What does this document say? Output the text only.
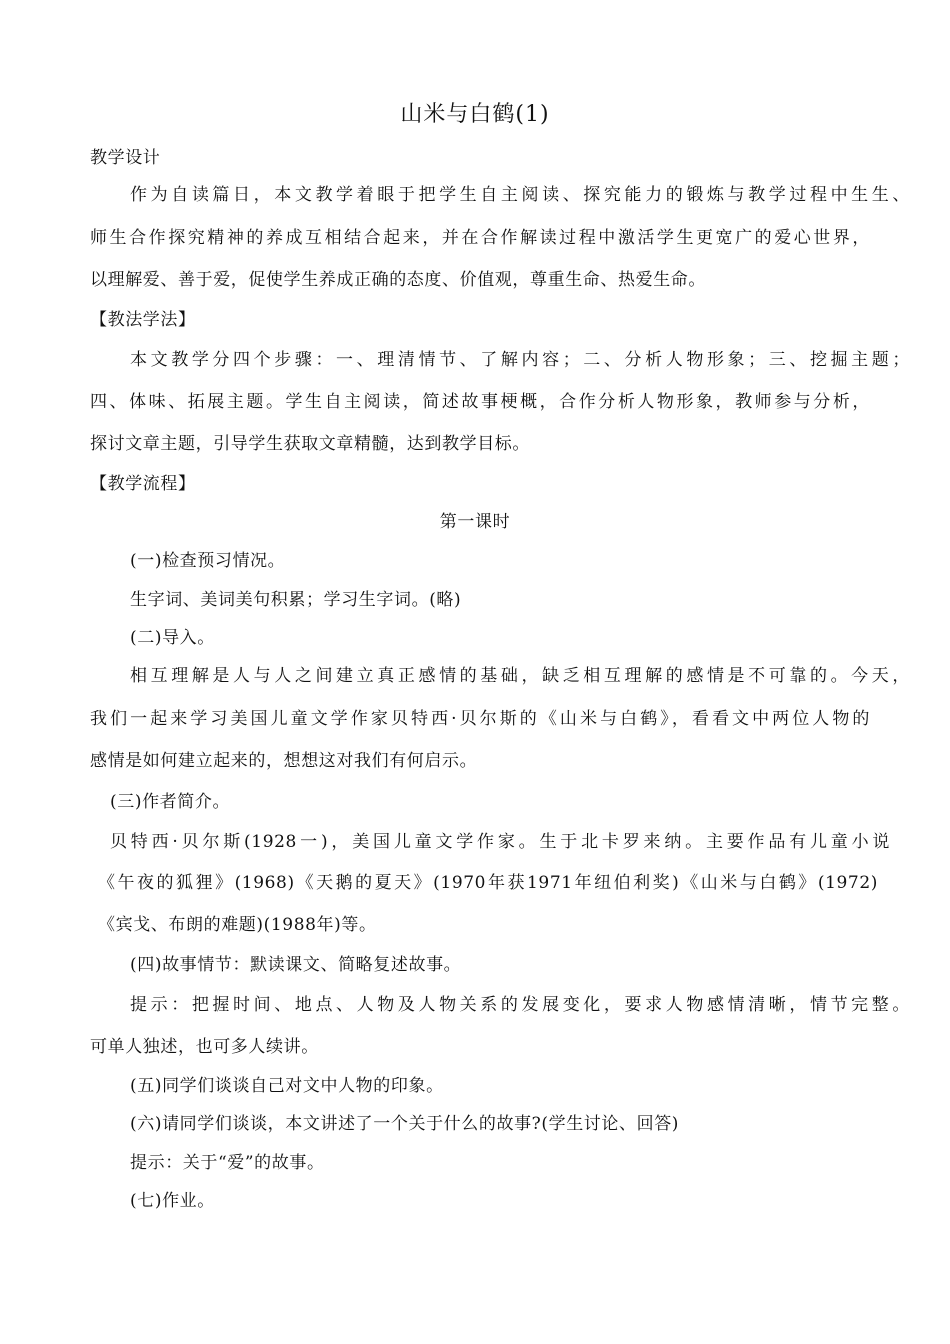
山米与白鹤(1)
教学设计
作为自读篇日，本文教学着眼于把学生自主阅读、探究能力的锻炼与教学过程中生生、
师生合作探究精神的养成互相结合起来，并在合作解读过程中激活学生更宽广的爱心世界，
以理解爱、善于爱，促使学生养成正确的态度、价值观，尊重生命、热爱生命。
【教法学法】
本文教学分四个步骤：一、理清情节、了解内容；二、分析人物形象；三、挖掘主题；
四、体味、拓展主题。学生自主阅读，简述故事梗概，合作分析人物形象，教师参与分析，
探讨文章主题，引导学生获取文章精髓，达到教学目标。
【教学流程】
第一课时
(一)检查预习情况。
生字词、美词美句积累；学习生字词。(略)
(二)导入。
相互理解是人与人之间建立真正感情的基础，缺乏相互理解的感情是不可靠的。今天，
我们一起来学习美国儿童文学作家贝特西·贝尔斯的《山米与白鹤》，看看文中两位人物的
感情是如何建立起来的，想想这对我们有何启示。
(三)作者简介。
贝特西·贝尔斯(1928一)，美国儿童文学作家。生于北卡罗来纳。主要作品有儿童小说
《午夜的狐狸》(1968)《天鹅的夏天》(1970年获1971年纽伯利奖)《山米与白鹤》(1972)
《宾戈、布朗的难题)(1988年)等。
(四)故事情节：默读课文、简略复述故事。
提示：把握时间、地点、人物及人物关系的发展变化，要求人物感情清晰，情节完整。
可单人独述，也可多人续讲。
(五)同学们谈谈自己对文中人物的印象。
(六)请同学们谈谈，本文讲述了一个关于什么的故事?(学生讨论、回答)
提示：关于“爱”的故事。
(七)作业。
